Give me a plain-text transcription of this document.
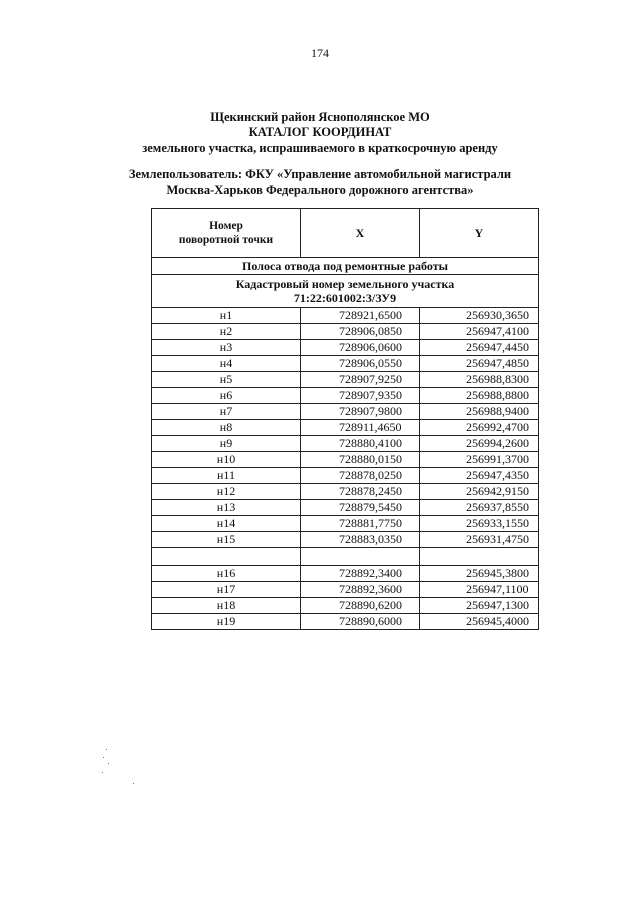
174
Щекинский район Яснополянское МО
КАТАЛОГ КООРДИНАТ
земельного участка, испрашиваемого в краткосрочную аренду
Землепользователь: ФКУ «Управление автомобильной магистрали
Москва-Харьков Федерального дорожного агентства»
Номер
поворотной точки	X	Y
Полоса отвода под ремонтные работы		

Кадастровый номер земельного участка
71:22:601002:3/ЗУ9		

н1	728921,6500	256930,3650
н2	728906,0850	256947,4100
н3	728906,0600	256947,4450
н4	728906,0550	256947,4850
н5	728907,9250	256988,8300
н6	728907,9350	256988,8800
н7	728907,9800	256988,9400
н8	728911,4650	256992,4700
н9	728880,4100	256994,2600
н10	728880,0150	256991,3700
н11	728878,0250	256947,4350
н12	728878,2450	256942,9150
н13	728879,5450	256937,8550
н14	728881,7750	256933,1550
н15	728883,0350	256931,4750

н16	728892,3400	256945,3800
н17	728892,3600	256947,1100
н18	728890,6200	256947,1300
н19	728890,6000	256945,4000
